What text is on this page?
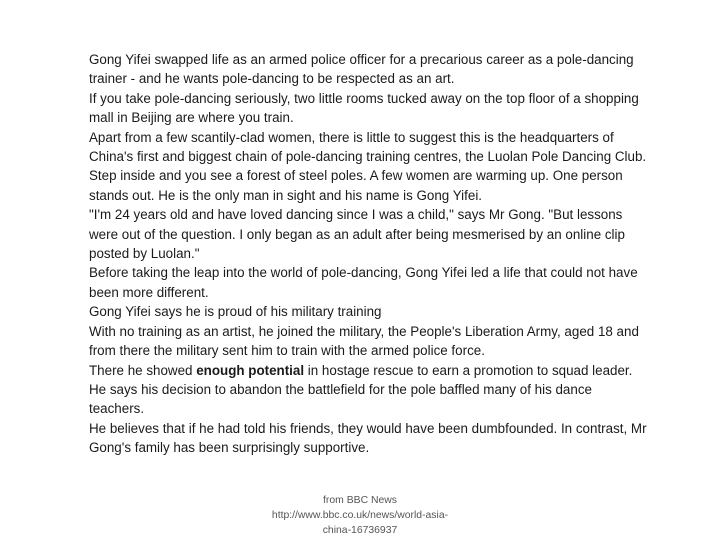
Gong Yifei swapped life as an armed police officer for a precarious career as a pole-dancing trainer - and he wants pole-dancing to be respected as an art.

If you take pole-dancing seriously, two little rooms tucked away on the top floor of a shopping mall in Beijing are where you train.

Apart from a few scantily-clad women, there is little to suggest this is the headquarters of China's first and biggest chain of pole-dancing training centres, the Luolan Pole Dancing Club.

Step inside and you see a forest of steel poles. A few women are warming up. One person stands out. He is the only man in sight and his name is Gong Yifei.

"I'm 24 years old and have loved dancing since I was a child," says Mr Gong. "But lessons were out of the question. I only began as an adult after being mesmerised by an online clip posted by Luolan."

Before taking the leap into the world of pole-dancing, Gong Yifei led a life that could not have been more different.

Gong Yifei says he is proud of his military training

With no training as an artist, he joined the military, the People's Liberation Army, aged 18 and from there the military sent him to train with the armed police force.

There he showed enough potential in hostage rescue to earn a promotion to squad leader.

He says his decision to abandon the battlefield for the pole baffled many of his dance teachers.

He believes that if he had told his friends, they would have been dumbfounded. In contrast, Mr Gong's family has been surprisingly supportive.

from BBC News
http://www.bbc.co.uk/news/world-asia-
china-16736937
